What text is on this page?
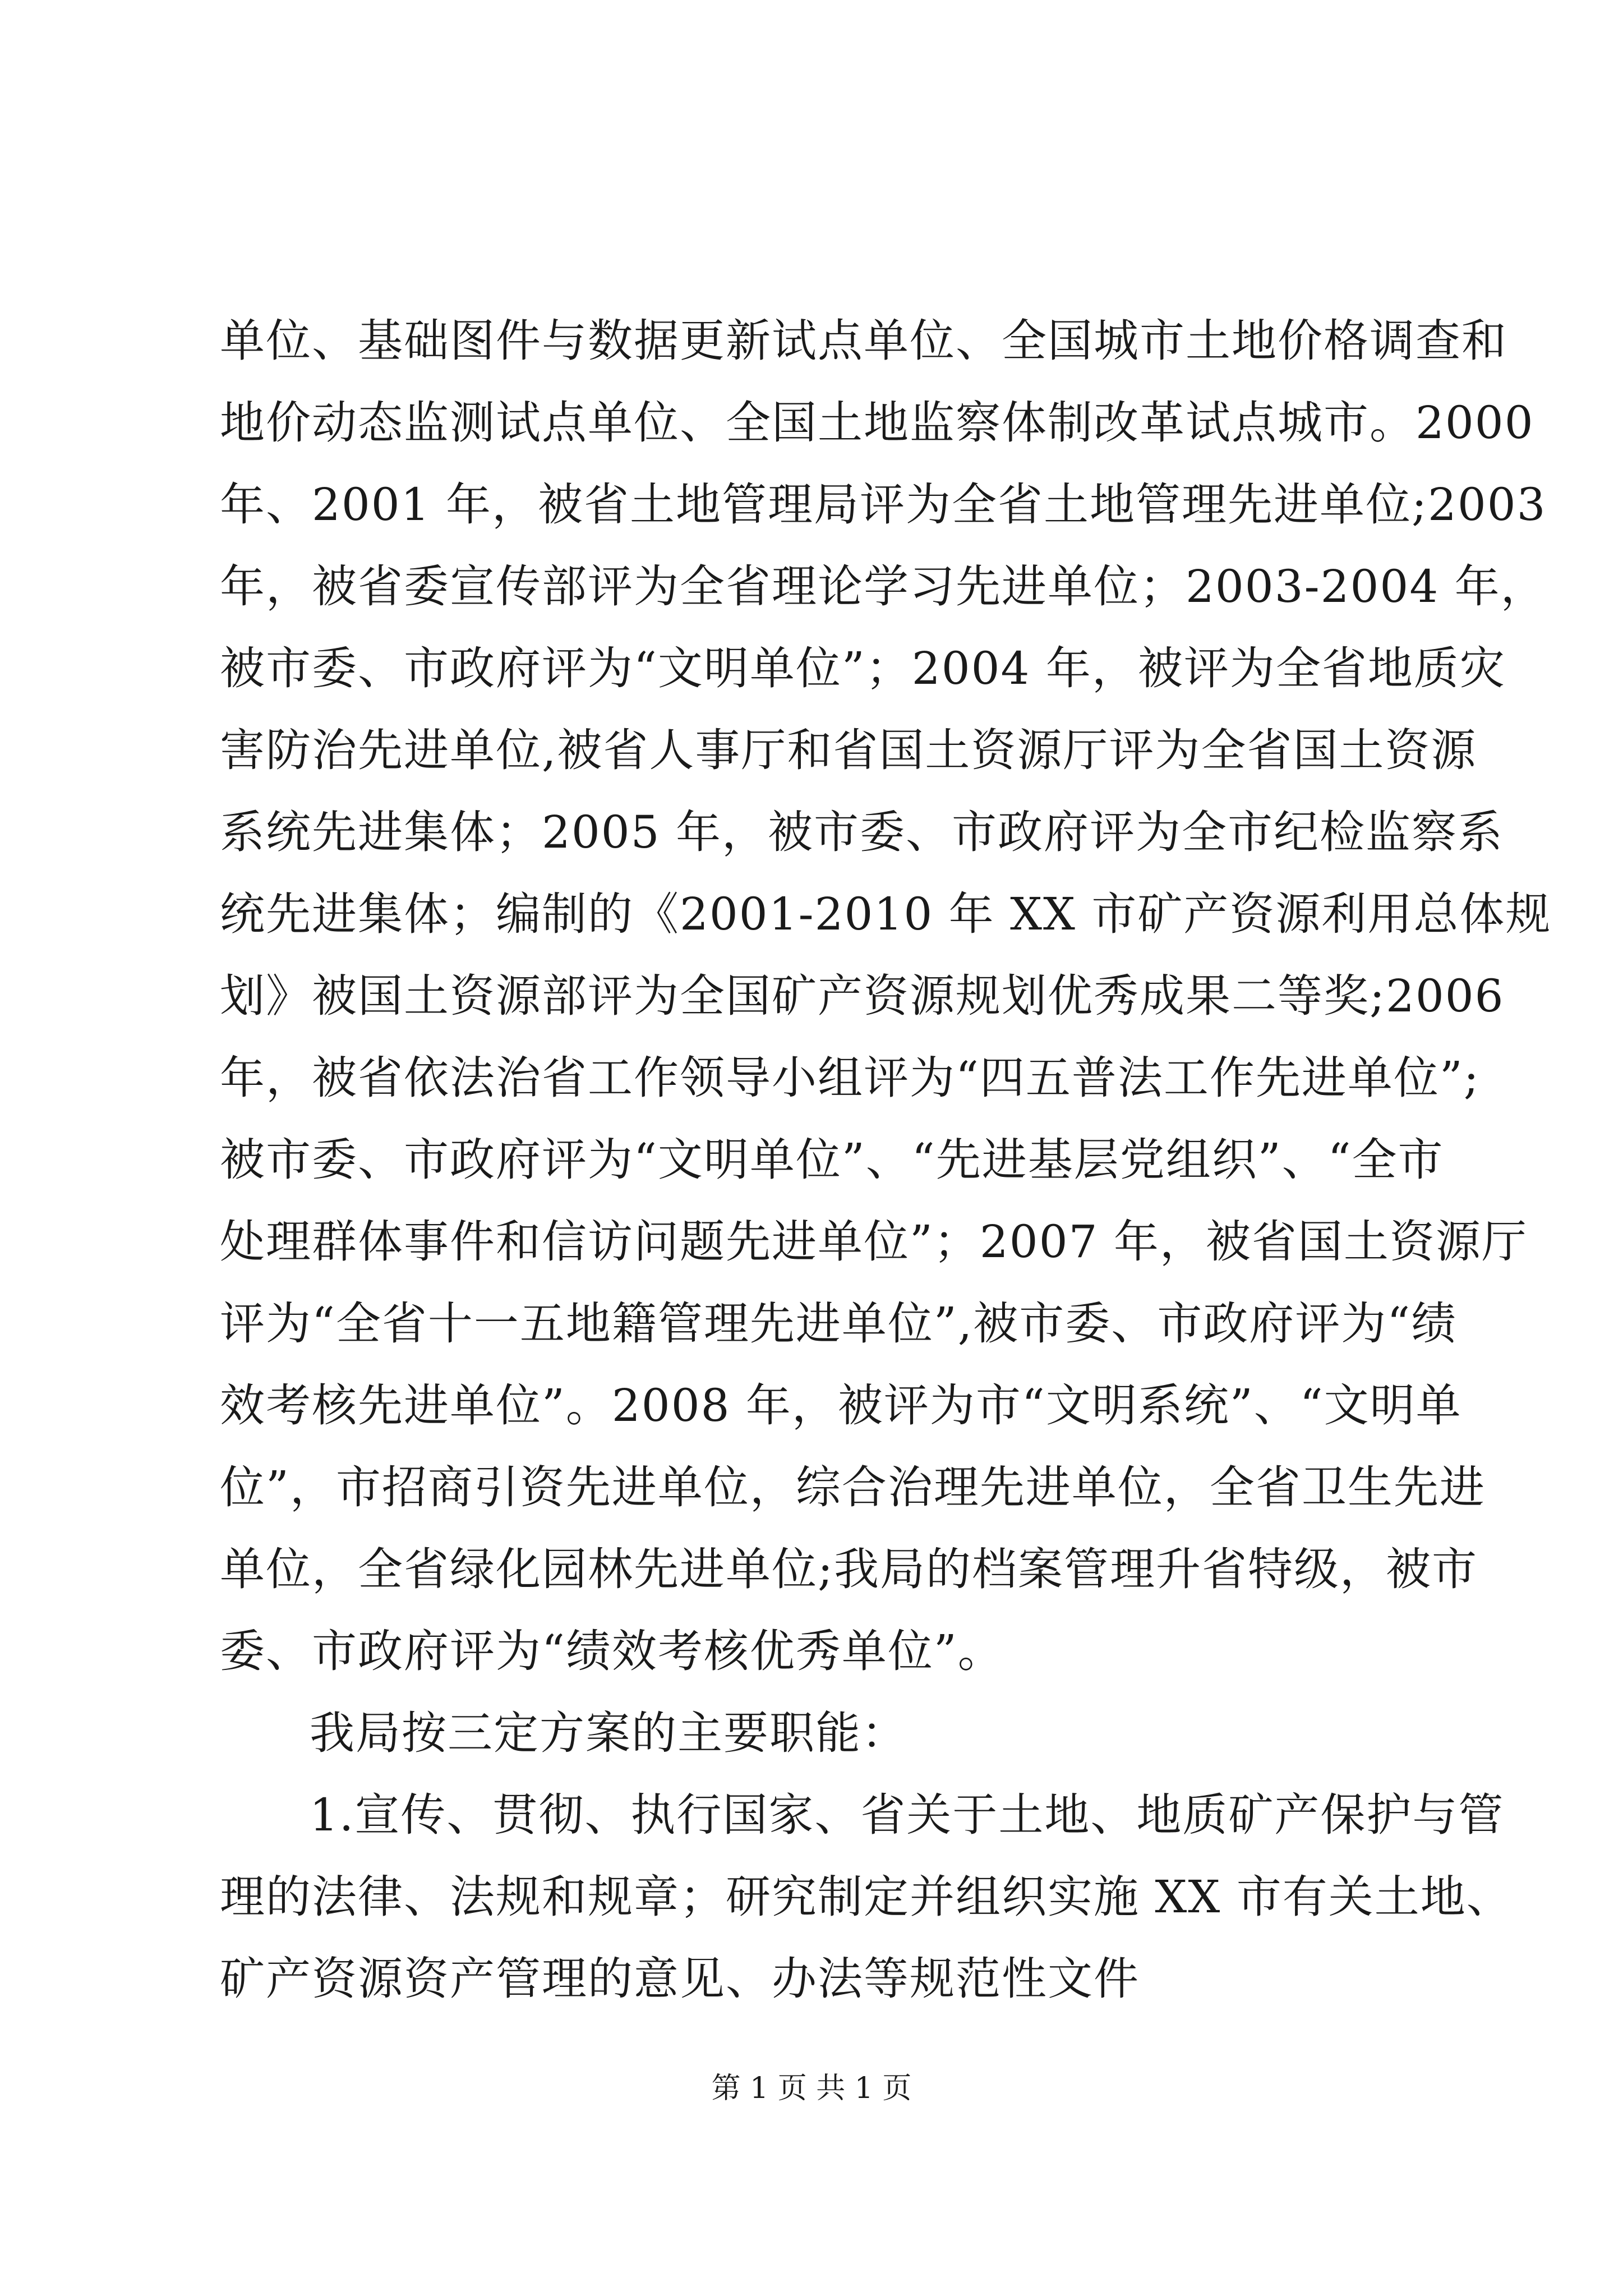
单位、基础图件与数据更新试点单位、全国城市土地价格调查和
地价动态监测试点单位、全国土地监察体制改革试点城市。2000
年、2001 年，被省土地管理局评为全省土地管理先进单位;2003
年，被省委宣传部评为全省理论学习先进单位；2003-2004 年，
被市委、市政府评为“文明单位”；2004 年，被评为全省地质灾
害防治先进单位,被省人事厅和省国土资源厅评为全省国土资源
系统先进集体；2005 年，被市委、市政府评为全市纪检监察系
统先进集体；编制的《2001-2010 年 XX 市矿产资源利用总体规
划》被国土资源部评为全国矿产资源规划优秀成果二等奖;2006
年，被省依法治省工作领导小组评为“四五普法工作先进单位”;
被市委、市政府评为“文明单位”、“先进基层党组织”、“全市
处理群体事件和信访问题先进单位”；2007 年，被省国土资源厅
评为“全省十一五地籍管理先进单位”,被市委、市政府评为“绩
效考核先进单位”。2008 年，被评为市“文明系统”、“文明单
位”，市招商引资先进单位，综合治理先进单位，全省卫生先进
单位，全省绿化园林先进单位;我局的档案管理升省特级，被市
委、市政府评为“绩效考核优秀单位”。
我局按三定方案的主要职能：
1.宣传、贯彻、执行国家、省关于土地、地质矿产保护与管
理的法律、法规和规章；研究制定并组织实施 XX 市有关土地、
矿产资源资产管理的意见、办法等规范性文件
第 1 页 共 1 页
